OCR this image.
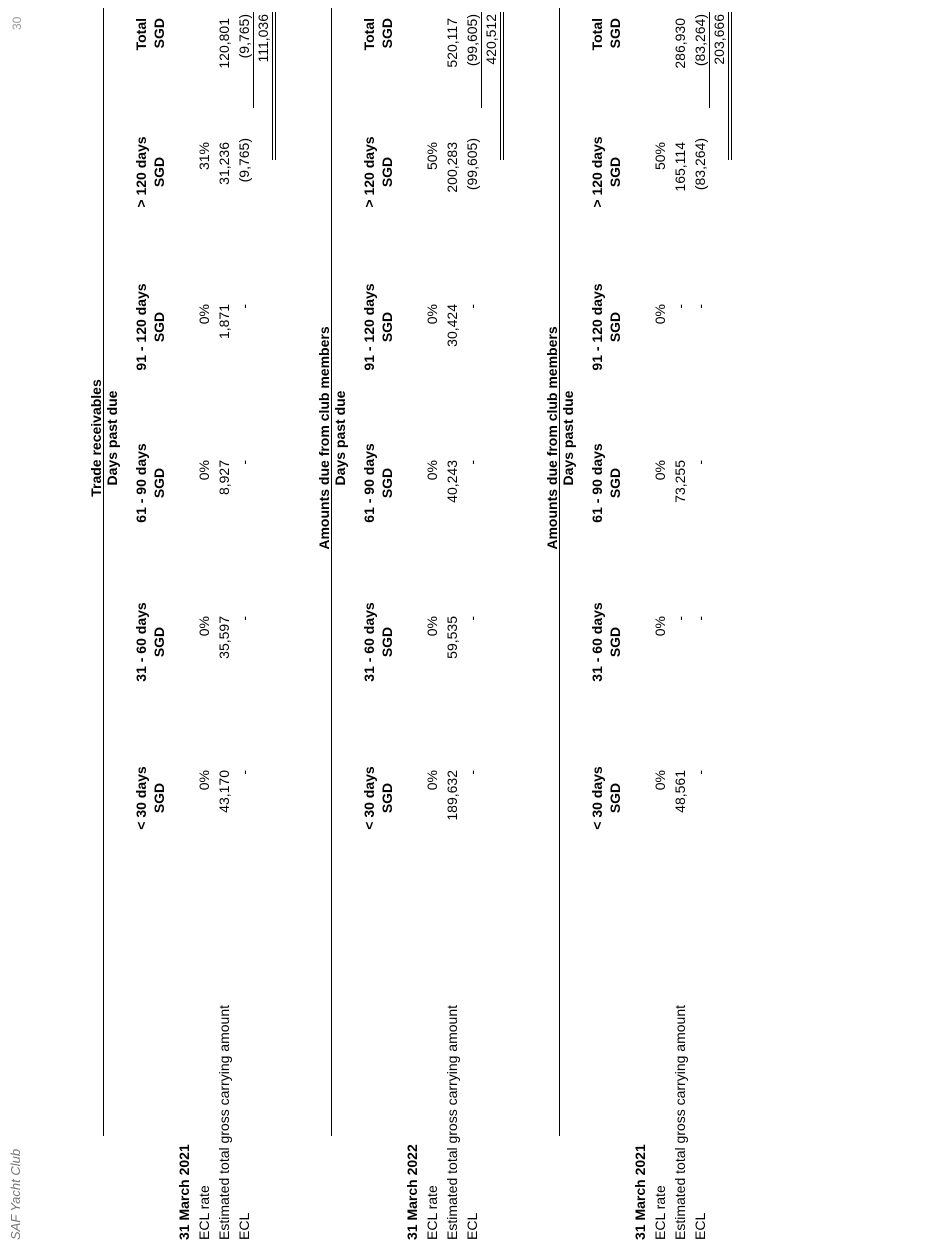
SAF Yacht Club
30
Trade receivables Days past due
< 30 days SGD
31 - 60 days SGD
61 - 90 days SGD
91 - 120 days SGD
> 120 days SGD
Total SGD
31 March 2021 ECL rate Estimated total gross carrying amount ECL
0%
0%
0%
0%
31%
43,170
35,597
8,927
1,871
31,236
120,801
-
-
-
-
(9,765)
(9,765) 111,036
Amounts due from club members Days past due
< 30 days SGD
31 - 60 days SGD
61 - 90 days SGD
91 - 120 days SGD
> 120 days SGD
Total SGD
31 March 2022 ECL rate Estimated total gross carrying amount ECL
0%
0%
0%
0%
50%
189,632
59,535
40,243
30,424
200,283
520,117
-
-
-
-
(99,605)
(99,605) 420,512
Amounts due from club members Days past due
< 30 days SGD
31 - 60 days SGD
61 - 90 days SGD
91 - 120 days SGD
> 120 days SGD
Total SGD
31 March 2021 ECL rate Estimated total gross carrying amount ECL
0%
0%
0%
0%
50%
48,561
-
73,255
-
165,114
286,930
-
-
-
-
(83,264)
(83,264) 203,666
